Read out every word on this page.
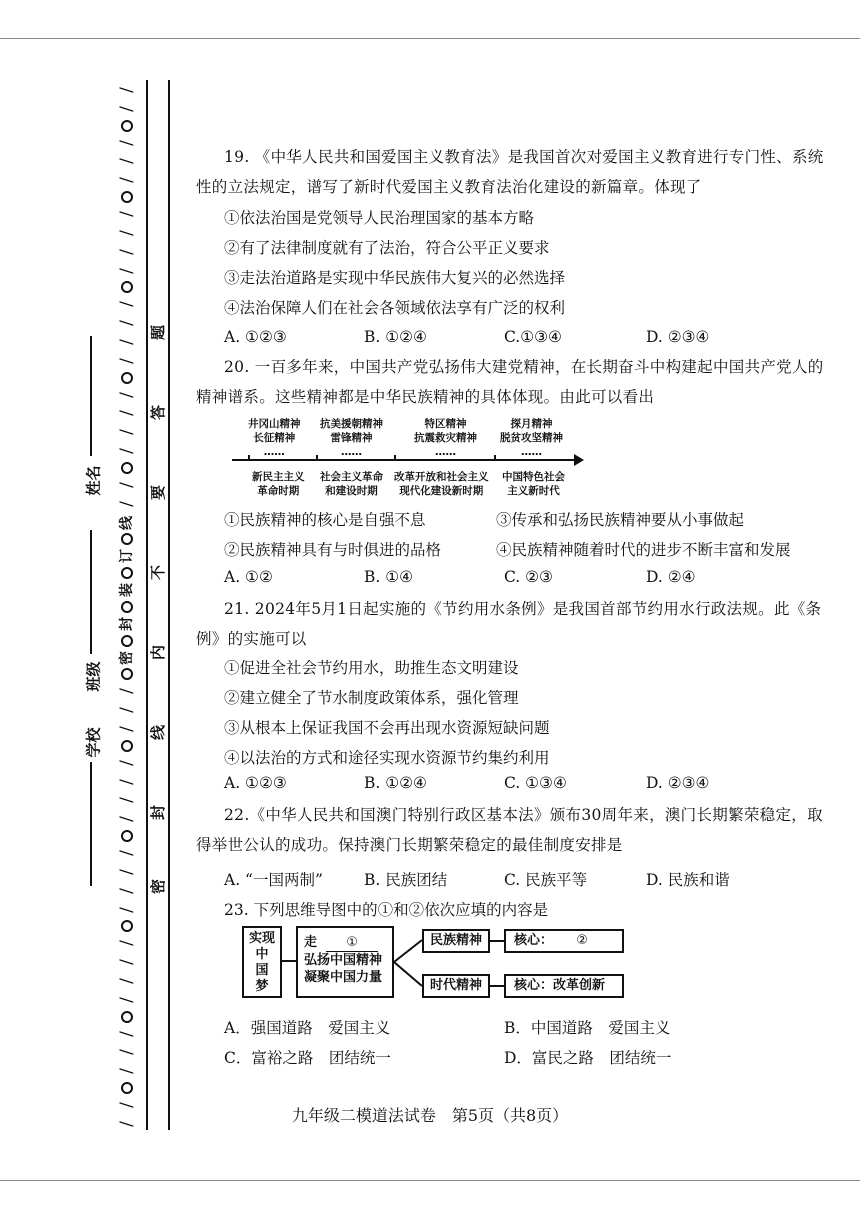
/
/
/
/
/
/
/
/
/
/
/
/
/
/
/
/
/
/
/
线
订
装
封
密
/
/
/
/
/
/
/
/
/
/
/
/
/
/
/
/
/
/
/
/
题
答
要
不
内
线
封
密
姓名
班级
学校
19. 《中华人民共和国爱国主义教育法》是我国首次对爱国主义教育进行专门性、系统性的立法规定，谱写了新时代爱国主义教育法治化建设的新篇章。体现了
①依法治国是党领导人民治理国家的基本方略
②有了法律制度就有了法治，符合公平正义要求
③走法治道路是实现中华民族伟大复兴的必然选择
④法治保障人们在社会各领域依法享有广泛的权利
A. ①②③	B. ①②④	C.①③④	D. ②③④
20. 一百多年来，中国共产党弘扬伟大建党精神，在长期奋斗中构建起中国共产党人的精神谱系。这些精神都是中华民族精神的具体体现。由此可以看出
井冈山精神
长征精神
……
抗美援朝精神
雷锋精神
……
特区精神
抗震救灾精神
……
探月精神
脱贫攻坚精神
……
新民主主义
革命时期
社会主义革命
和建设时期
改革开放和社会主义
现代化建设新时期
中国特色社会
主义新时代
①民族精神的核心是自强不息	③传承和弘扬民族精神要从小事做起
②民族精神具有与时俱进的品格	④民族精神随着时代的进步不断丰富和发展
A. ①②	B. ①④	C. ②③	D. ②④
21. 2024年5月1日起实施的《节约用水条例》是我国首部节约用水行政法规。此《条例》的实施可以
①促进全社会节约用水，助推生态文明建设
②建立健全了节水制度政策体系，强化管理
③从根本上保证我国不会再出现水资源短缺问题
④以法治的方式和途径实现水资源节约集约利用
A. ①②③	B. ①②④	C. ①③④	D. ②③④
22.《中华人民共和国澳门特别行政区基本法》颁布30周年来，澳门长期繁荣稳定，取得举世公认的成功。保持澳门长期繁荣稳定的最佳制度安排是
A. “一国两制”	B. 民族团结	C. 民族平等	D. 民族和谐
23. 下列思维导图中的①和②依次应填的内容是
实现
中
国
梦
走 ①
弘扬中国精神
凝聚中国力量
民族精神	核心： ②
时代精神	核心：改革创新
A．强国道路　爱国主义	B．中国道路　爱国主义
C．富裕之路　团结统一	D．富民之路　团结统一
九年级二模道法试卷　第5页（共8页）
